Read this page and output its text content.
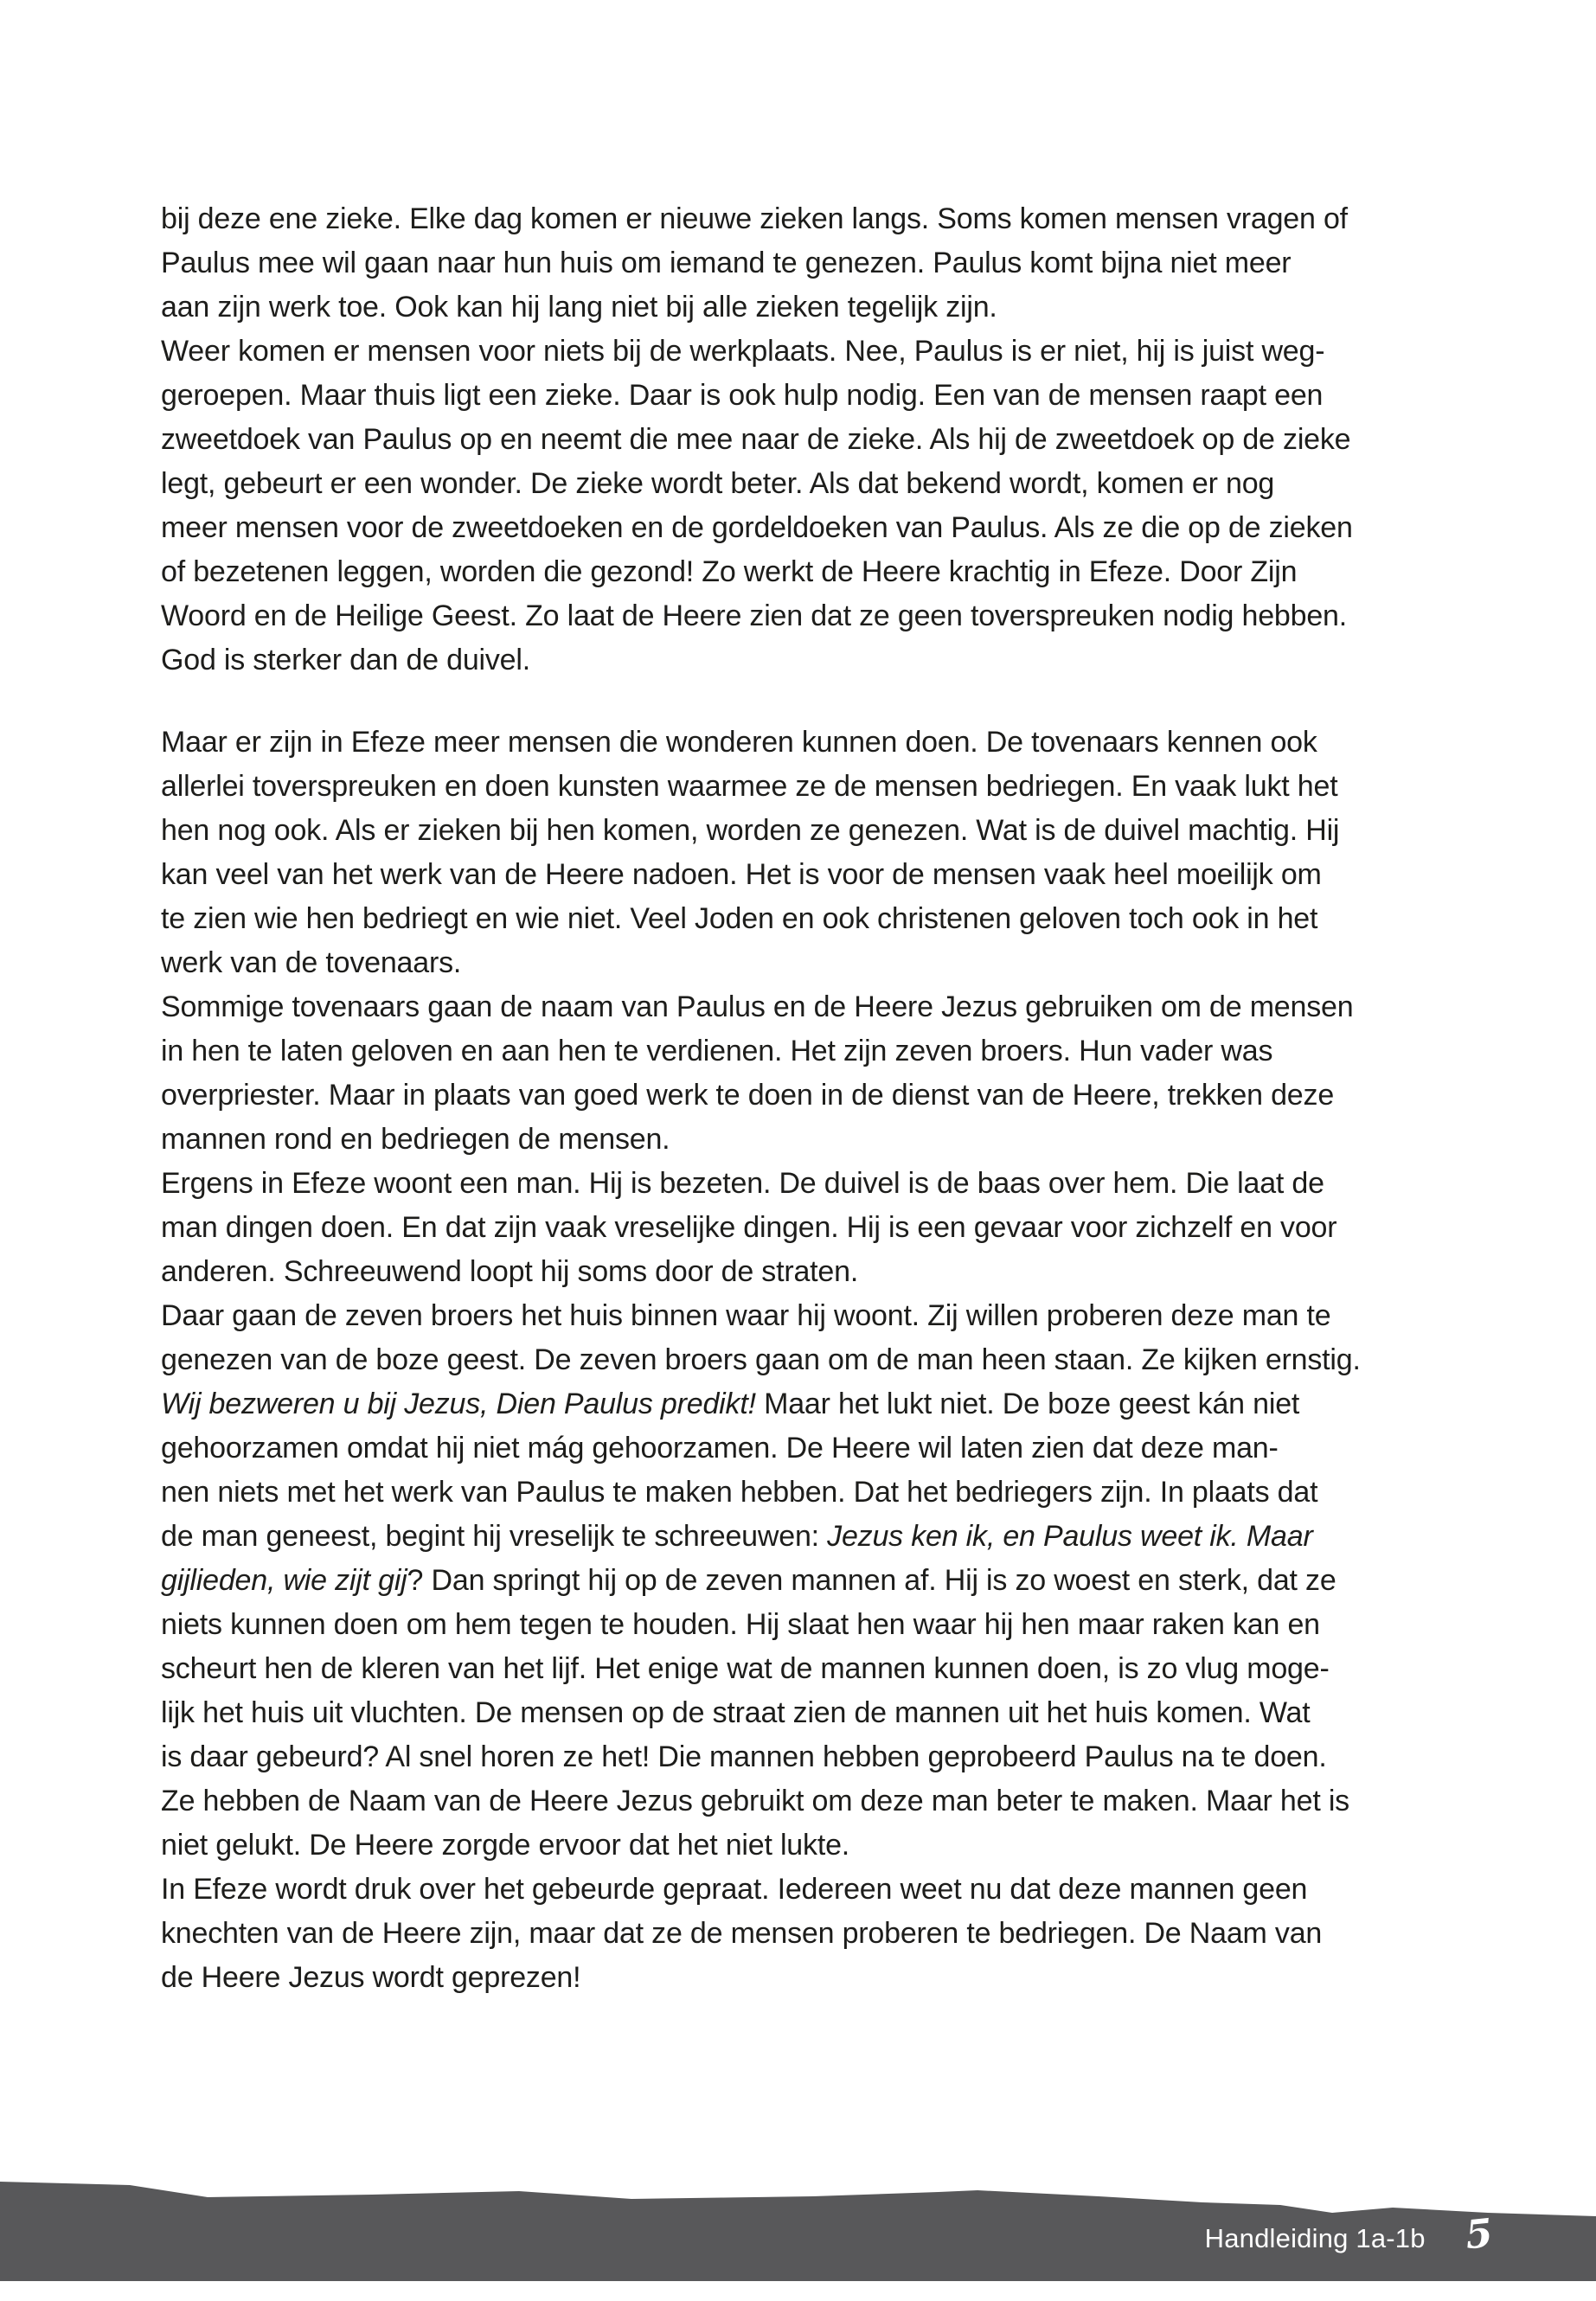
bij deze ene zieke. Elke dag komen er nieuwe zieken langs. Soms komen mensen vragen of
Paulus mee wil gaan naar hun huis om iemand te genezen. Paulus komt bijna niet meer
aan zijn werk toe. Ook kan hij lang niet bij alle zieken tegelijk zijn.
Weer komen er mensen voor niets bij de werkplaats. Nee, Paulus is er niet, hij is juist weg-
geroepen. Maar thuis ligt een zieke. Daar is ook hulp nodig. Een van de mensen raapt een
zweetdoek van Paulus op en neemt die mee naar de zieke. Als hij de zweetdoek op de zieke
legt, gebeurt er een wonder. De zieke wordt beter. Als dat bekend wordt, komen er nog
meer mensen voor de zweetdoeken en de gordeldoeken van Paulus. Als ze die op de zieken
of bezetenen leggen, worden die gezond! Zo werkt de Heere krachtig in Efeze. Door Zijn
Woord en de Heilige Geest. Zo laat de Heere zien dat ze geen toverspreuken nodig hebben.
God is sterker dan de duivel.
Maar er zijn in Efeze meer mensen die wonderen kunnen doen. De tovenaars kennen ook
allerlei toverspreuken en doen kunsten waarmee ze de mensen bedriegen. En vaak lukt het
hen nog ook. Als er zieken bij hen komen, worden ze genezen. Wat is de duivel machtig. Hij
kan veel van het werk van de Heere nadoen. Het is voor de mensen vaak heel moeilijk om
te zien wie hen bedriegt en wie niet. Veel Joden en ook christenen geloven toch ook in het
werk van de tovenaars.
Sommige tovenaars gaan de naam van Paulus en de Heere Jezus gebruiken om de mensen
in hen te laten geloven en aan hen te verdienen. Het zijn zeven broers. Hun vader was
overpriester. Maar in plaats van goed werk te doen in de dienst van de Heere, trekken deze
mannen rond en bedriegen de mensen.
Ergens in Efeze woont een man. Hij is bezeten. De duivel is de baas over hem. Die laat de
man dingen doen. En dat zijn vaak vreselijke dingen. Hij is een gevaar voor zichzelf en voor
anderen. Schreeuwend loopt hij soms door de straten.
Daar gaan de zeven broers het huis binnen waar hij woont. Zij willen proberen deze man te
genezen van de boze geest. De zeven broers gaan om de man heen staan. Ze kijken ernstig.
Wij bezweren u bij Jezus, Dien Paulus predikt! Maar het lukt niet. De boze geest kán niet
gehoorzamen omdat hij niet mág gehoorzamen. De Heere wil laten zien dat deze man-
nen niets met het werk van Paulus te maken hebben. Dat het bedriegers zijn. In plaats dat
de man geneest, begint hij vreselijk te schreeuwen: Jezus ken ik, en Paulus weet ik. Maar
gijlieden, wie zijt gij? Dan springt hij op de zeven mannen af. Hij is zo woest en sterk, dat ze
niets kunnen doen om hem tegen te houden. Hij slaat hen waar hij hen maar raken kan en
scheurt hen de kleren van het lijf. Het enige wat de mannen kunnen doen, is zo vlug moge-
lijk het huis uit vluchten. De mensen op de straat zien de mannen uit het huis komen. Wat
is daar gebeurd? Al snel horen ze het! Die mannen hebben geprobeerd Paulus na te doen.
Ze hebben de Naam van de Heere Jezus gebruikt om deze man beter te maken. Maar het is
niet gelukt. De Heere zorgde ervoor dat het niet lukte.
In Efeze wordt druk over het gebeurde gepraat. Iedereen weet nu dat deze mannen geen
knechten van de Heere zijn, maar dat ze de mensen proberen te bedriegen. De Naam van
de Heere Jezus wordt geprezen!
Handleiding 1a-1b 5
